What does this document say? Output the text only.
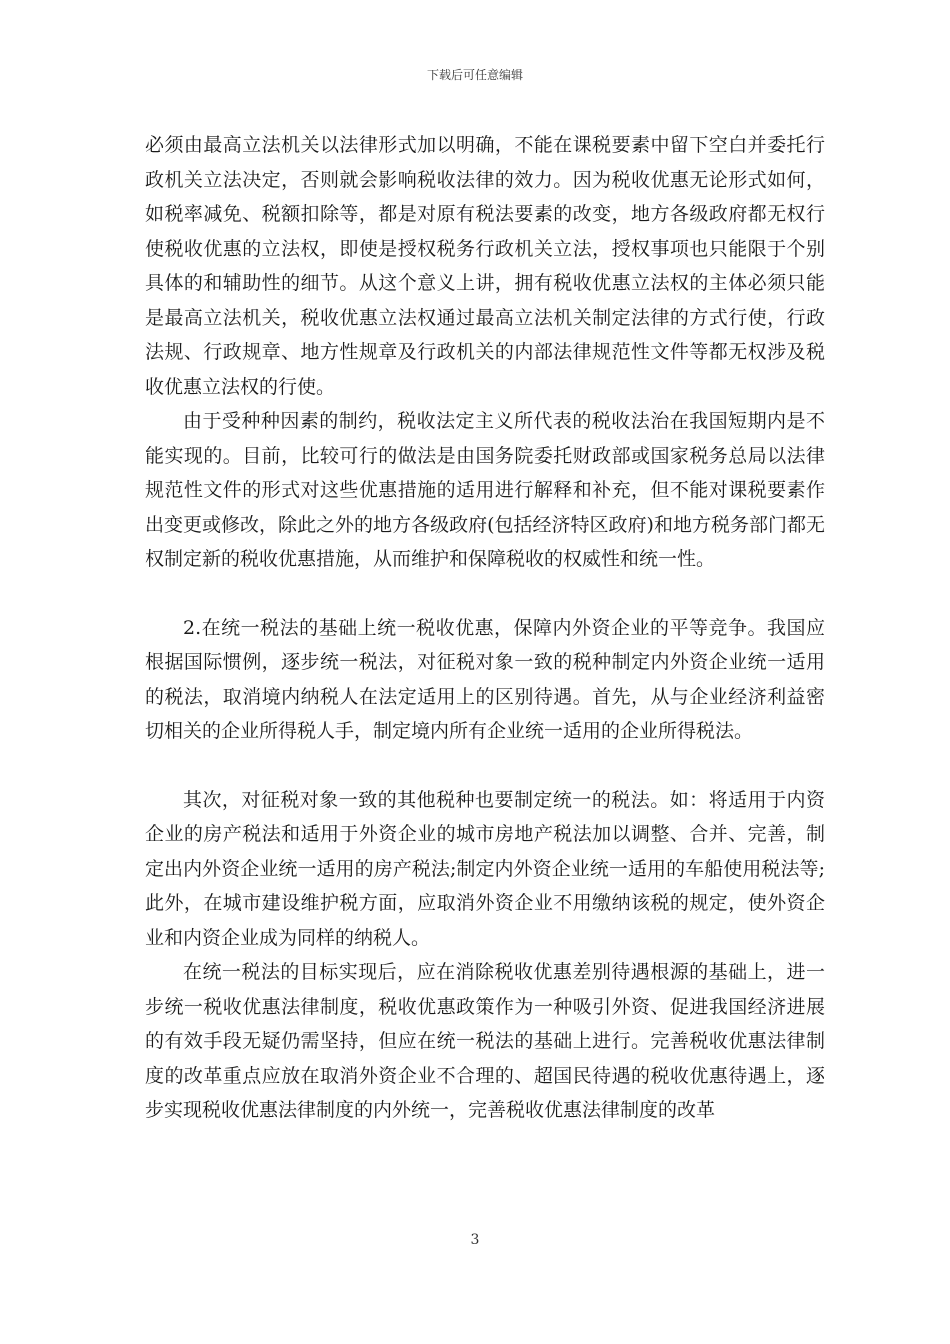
下载后可任意编辑

必须由最高立法机关以法律形式加以明确，不能在课税要素中留下空白并委托行政机关立法决定，否则就会影响税收法律的效力。因为税收优惠无论形式如何，如税率减免、税额扣除等，都是对原有税法要素的改变，地方各级政府都无权行使税收优惠的立法权，即使是授权税务行政机关立法，授权事项也只能限于个别具体的和辅助性的细节。从这个意义上讲，拥有税收优惠立法权的主体必须只能是最高立法机关，税收优惠立法权通过最高立法机关制定法律的方式行使，行政法规、行政规章、地方性规章及行政机关的内部法律规范性文件等都无权涉及税收优惠立法权的行使。

由于受种种因素的制约，税收法定主义所代表的税收法治在我国短期内是不能实现的。目前，比较可行的做法是由国务院委托财政部或国家税务总局以法律规范性文件的形式对这些优惠措施的适用进行解释和补充，但不能对课税要素作出变更或修改，除此之外的地方各级政府(包括经济特区政府)和地方税务部门都无权制定新的税收优惠措施，从而维护和保障税收的权威性和统一性。

2.在统一税法的基础上统一税收优惠，保障内外资企业的平等竞争。我国应根据国际惯例，逐步统一税法，对征税对象一致的税种制定内外资企业统一适用的税法，取消境内纳税人在法定适用上的区别待遇。首先，从与企业经济利益密切相关的企业所得税人手，制定境内所有企业统一适用的企业所得税法。

其次，对征税对象一致的其他税种也要制定统一的税法。如：将适用于内资企业的房产税法和适用于外资企业的城市房地产税法加以调整、合并、完善，制定出内外资企业统一适用的房产税法;制定内外资企业统一适用的车船使用税法等;此外，在城市建设维护税方面，应取消外资企业不用缴纳该税的规定，使外资企业和内资企业成为同样的纳税人。

在统一税法的目标实现后，应在消除税收优惠差别待遇根源的基础上，进一步统一税收优惠法律制度，税收优惠政策作为一种吸引外资、促进我国经济进展的有效手段无疑仍需坚持，但应在统一税法的基础上进行。完善税收优惠法律制度的改革重点应放在取消外资企业不合理的、超国民待遇的税收优惠待遇上，逐步实现税收优惠法律制度的内外统一，完善税收优惠法律制度的改革

3
